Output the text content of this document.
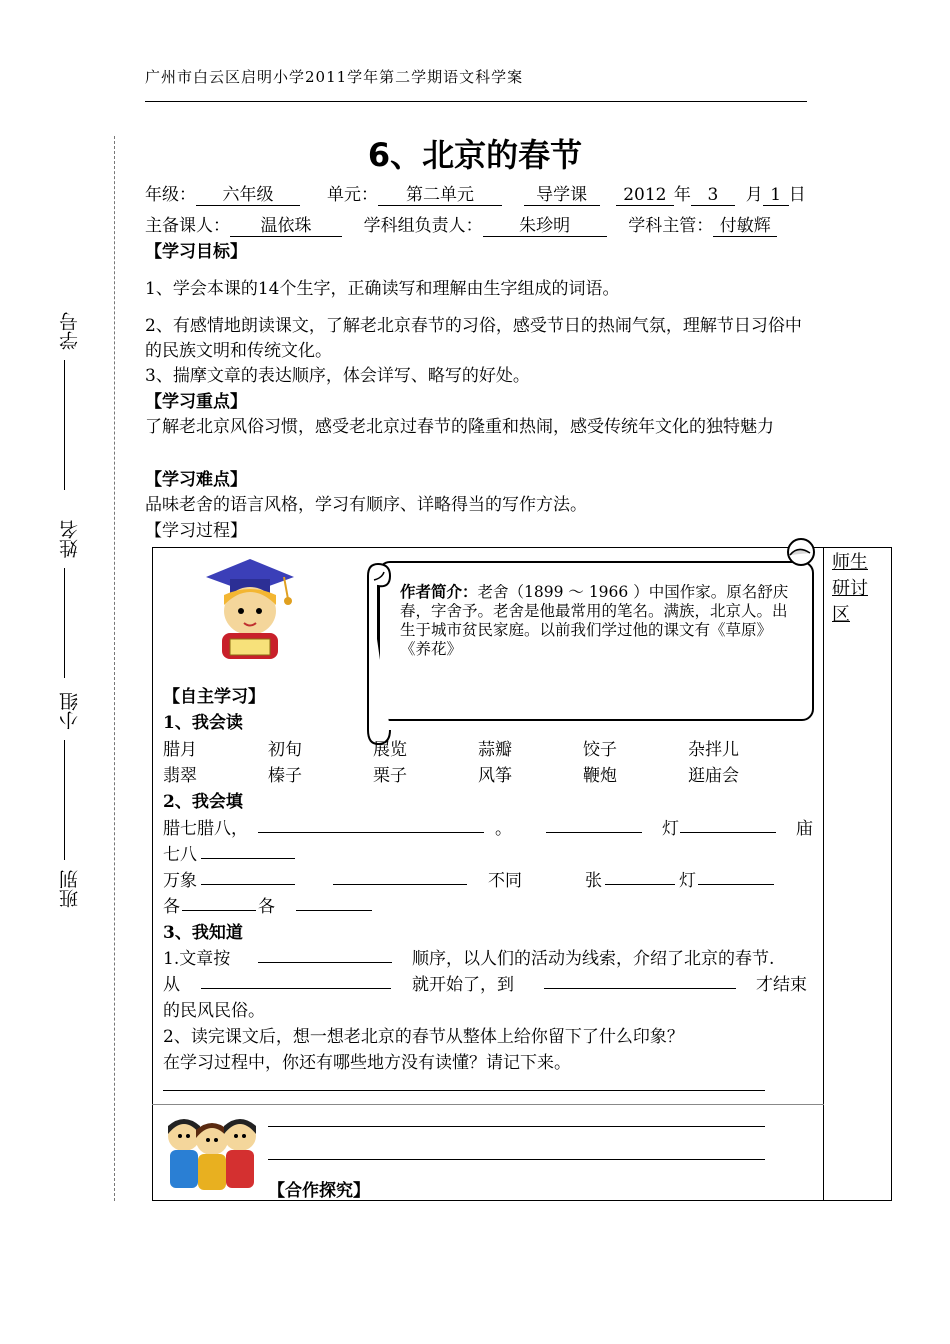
广州市白云区启明小学2011学年第二学期语文科学案
学号
姓名
小组
班别
6、北京的春节
年级： 六年级	单元： 第二单元	导学课 2012 年 3 月 1 日
主备课人： 温依珠	学科组负责人： 朱珍明	学科主管： 付敏辉
【学习目标】
1、学会本课的14个生字，正确读写和理解由生字组成的词语。
2、有感情地朗读课文，了解老北京春节的习俗，感受节日的热闹气氛，理解节日习俗中的民族文明和传统文化。
3、揣摩文章的表达顺序，体会详写、略写的好处。
【学习重点】
了解老北京风俗习惯，感受老北京过春节的隆重和热闹，感受传统年文化的独特魅力
【学习难点】
品味老舍的语言风格，学习有顺序、详略得当的写作方法。
【学习过程】
师生
研讨
区
作者简介：老舍（1899 ～ 1966 ）中国作家。原名舒庆春，字舍予。老舍是他最常用的笔名。满族，北京人。出生于城市贫民家庭。以前我们学过他的课文有《草原》《养花》
【自主学习】
1、我会读
腊月	初旬	展览	蒜瓣	饺子	杂拌儿
翡翠	榛子	栗子	风筝	鞭炮	逛庙会
2、我会填
腊七腊八，	。	灯	庙
七八
万象	不同	张	灯
各	各
3、我知道
1.文章按	顺序，以人们的活动为线索，介绍了北京的春节.
从	就开始了，到	才结束
的民风民俗。
2、读完课文后，想一想老北京的春节从整体上给你留下了什么印象？
在学习过程中，你还有哪些地方没有读懂？请记下来。
【合作探究】
